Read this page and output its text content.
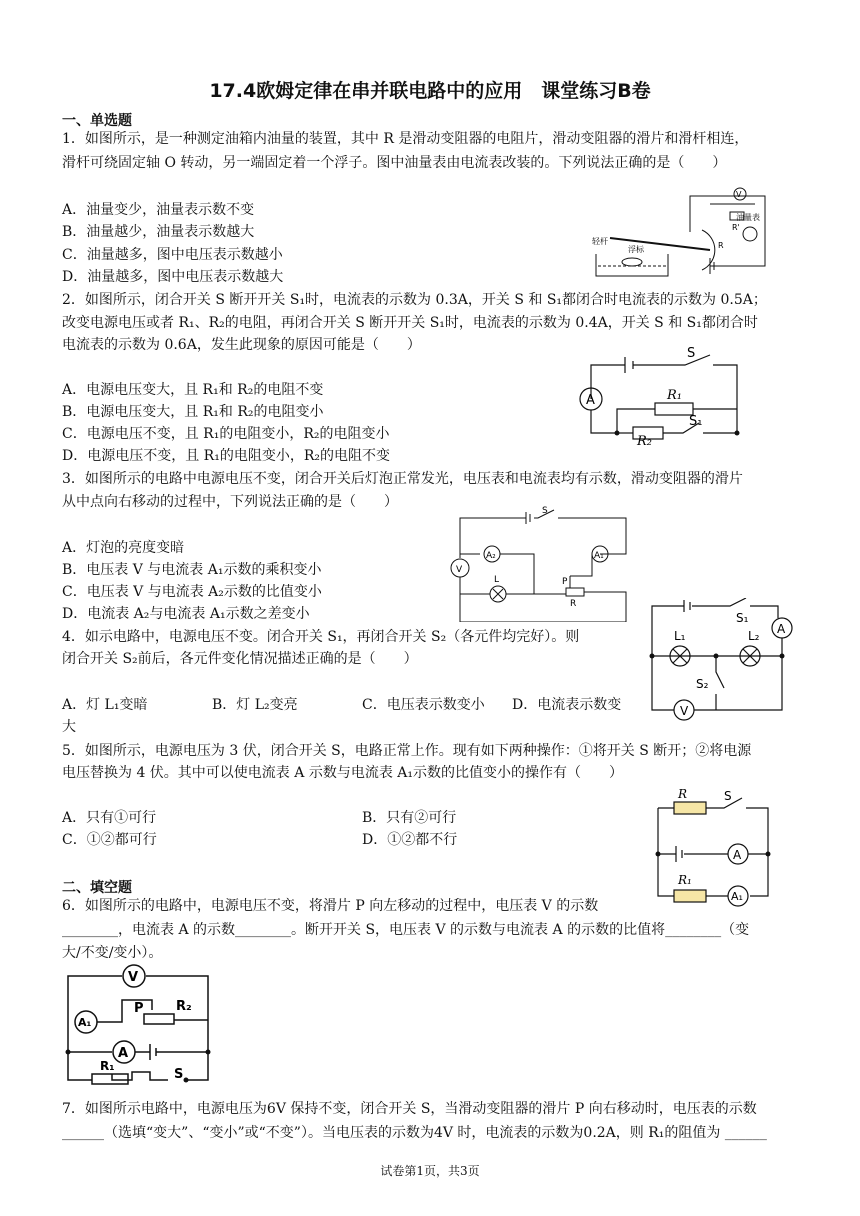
17.4欧姆定律在串并联电路中的应用　课堂练习B卷
一、单选题
1．如图所示，是一种测定油箱内油量的装置，其中 R 是滑动变阻器的电阻片，滑动变阻器的滑片和滑杆相连，
滑杆可绕固定轴 O 转动，另一端固定着一个浮子。图中油量表由电流表改装的。下列说法正确的是（　　）
A．油量变少，油量表示数不变
B．油量越少，油量表示数越大
C．油量越多，图中电压表示数越小
D．油量越多，图中电压表示数越大
V
R'
R
油量表
轻杆
浮标
2．如图所示，闭合开关 S 断开开关 S₁时，电流表的示数为 0.3A，开关 S 和 S₁都闭合时电流表的示数为 0.5A；
改变电源电压或者 R₁、R₂的电阻，再闭合开关 S 断开开关 S₁时，电流表的示数为 0.4A，开关 S 和 S₁都闭合时
电流表的示数为 0.6A，发生此现象的原因可能是（　　）
A．电源电压变大，且 R₁和 R₂的电阻不变
B．电源电压变大，且 R₁和 R₂的电阻变小
C．电源电压不变，且 R₁的电阻变小，R₂的电阻变小
D．电源电压不变，且 R₁的电阻变小，R₂的电阻不变
A
S
R₁
R₂
S₁
3．如图所示的电路中电源电压不变，闭合开关后灯泡正常发光，电压表和电流表均有示数，滑动变阻器的滑片
从中点向右移动的过程中，下列说法正确的是（　　）
A．灯泡的亮度变暗
B．电压表 V 与电流表 A₁示数的乘积变小
C．电压表 V 与电流表 A₂示数的比值变小
D．电流表 A₂与电流表 A₁示数之差变小
S
A₂	A₁
V
L	P
R
4．如示电路中，电源电压不变。闭合开关 S₁，再闭合开关 S₂（各元件均完好）。则
闭合开关 S₂前后，各元件变化情况描述正确的是（　　）
A．灯 L₁变暗	B．灯 L₂变亮	C．电压表示数变小 D．电流表示数变
大
S₁
L₁	L₂ A
S₂
V
5．如图所示，电源电压为 3 伏，闭合开关 S，电路正常上作。现有如下两种操作：①将开关 S 断开；②将电源
电压替换为 4 伏。其中可以使电流表 A 示数与电流表 A₁示数的比值变小的操作有（　　）
A．只有①可行	B．只有②可行
C．①②都可行	D．①②都不行
R	S
A
R₁
A₁
二、填空题
6．如图所示的电路中，电源电压不变，将滑片 P 向左移动的过程中，电压表 V 的示数
________，电流表 A 的示数________。断开开关 S，电压表 V 的示数与电流表 A 的示数的比值将________（变
大/不变/变小）。
V
A₁
P R₂
A
R₁
S
7．如图所示电路中，电源电压为6V 保持不变，闭合开关 S，当滑动变阻器的滑片 P 向右移动时，电压表的示数
______（选填“变大”、“变小”或“不变”）。当电压表的示数为4V 时，电流表的示数为0.2A，则 R₁的阻值为 ______
试卷第1页，共3页
